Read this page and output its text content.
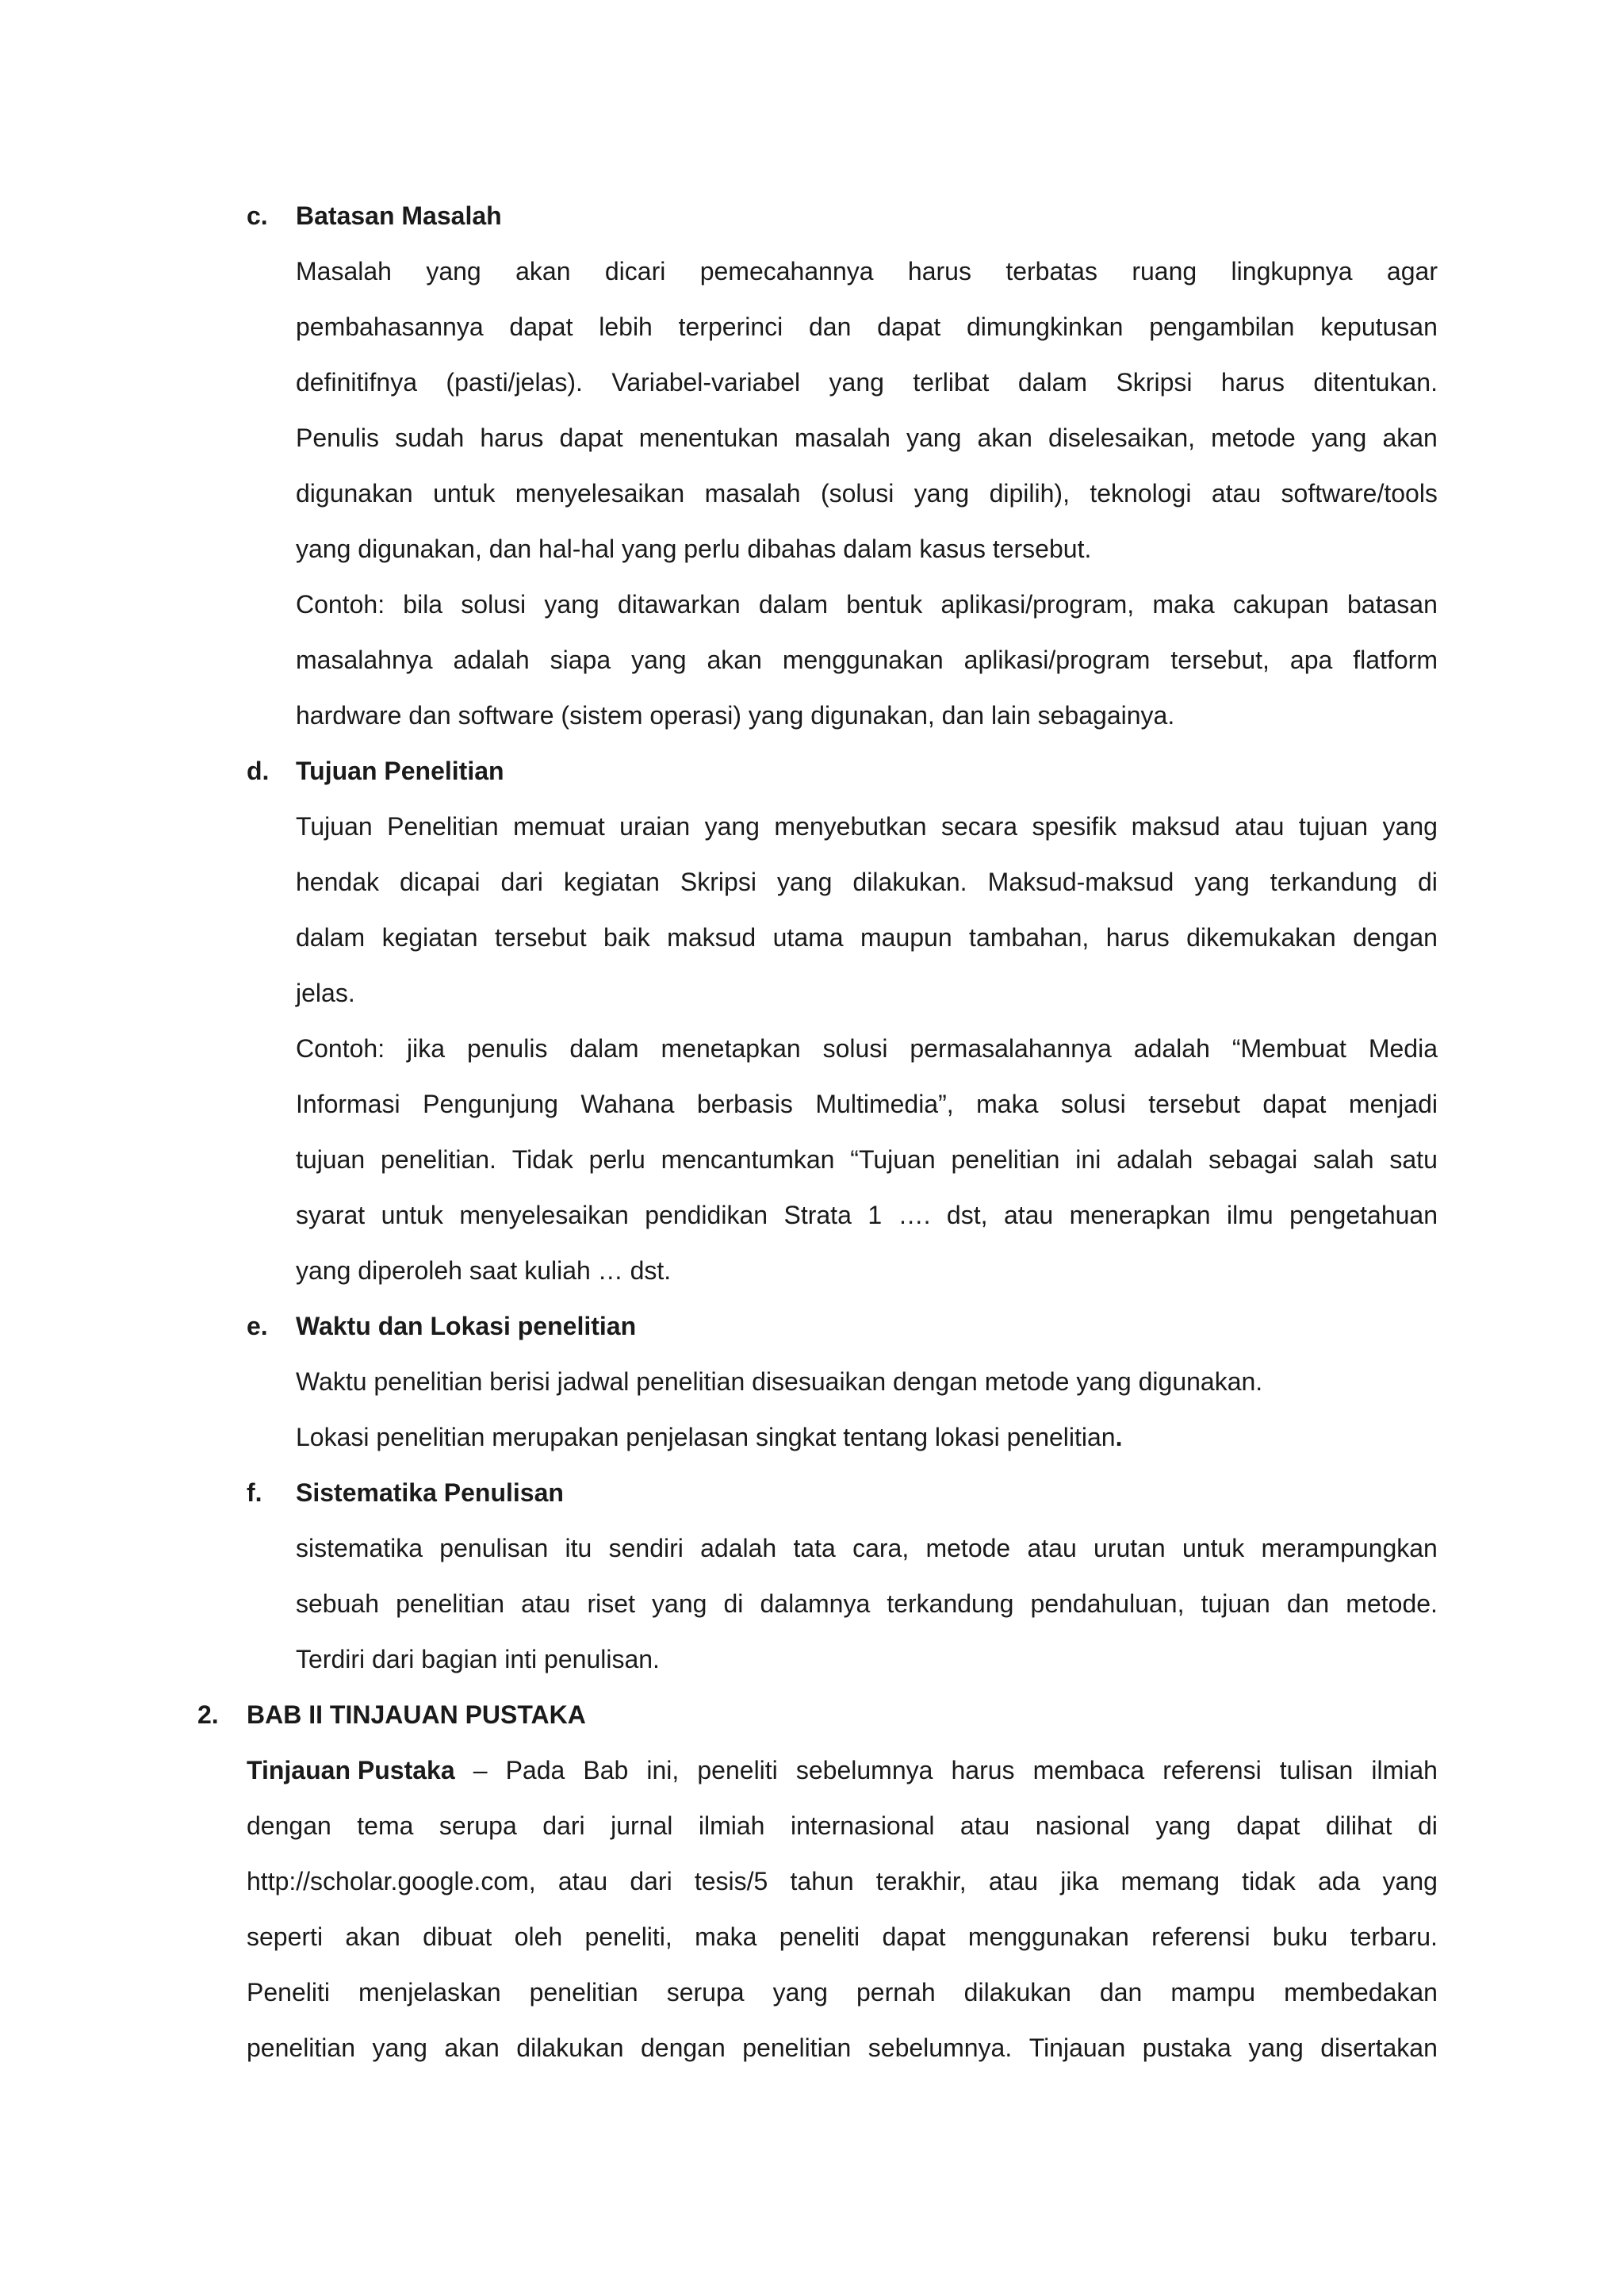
c. Batasan Masalah
Masalah yang akan dicari pemecahannya harus terbatas ruang lingkupnya agar
pembahasannya dapat lebih terperinci dan dapat dimungkinkan pengambilan keputusan
definitifnya (pasti/jelas). Variabel-variabel yang terlibat dalam Skripsi harus ditentukan.
Penulis sudah harus dapat menentukan masalah yang akan diselesaikan, metode yang akan
digunakan untuk menyelesaikan masalah (solusi yang dipilih), teknologi atau software/tools
yang digunakan, dan hal-hal yang perlu dibahas dalam kasus tersebut.
Contoh: bila solusi yang ditawarkan dalam bentuk aplikasi/program, maka cakupan batasan
masalahnya adalah siapa yang akan menggunakan aplikasi/program tersebut, apa flatform
hardware dan software (sistem operasi) yang digunakan, dan lain sebagainya.
d. Tujuan Penelitian
Tujuan Penelitian memuat uraian yang menyebutkan secara spesifik maksud atau tujuan yang
hendak dicapai dari kegiatan Skripsi yang dilakukan. Maksud-maksud yang terkandung di
dalam kegiatan tersebut baik maksud utama maupun tambahan, harus dikemukakan dengan
jelas.
Contoh: jika penulis dalam menetapkan solusi permasalahannya adalah “Membuat Media
Informasi Pengunjung Wahana berbasis Multimedia”, maka solusi tersebut dapat menjadi
tujuan penelitian. Tidak perlu mencantumkan “Tujuan penelitian ini adalah sebagai salah satu
syarat untuk menyelesaikan pendidikan Strata 1 …. dst, atau menerapkan ilmu pengetahuan
yang diperoleh saat kuliah … dst.
e. Waktu dan Lokasi penelitian
Waktu penelitian berisi jadwal penelitian disesuaikan dengan metode yang digunakan.
Lokasi penelitian merupakan penjelasan singkat tentang lokasi penelitian.
f. Sistematika Penulisan
sistematika penulisan itu sendiri adalah tata cara, metode atau urutan untuk merampungkan
sebuah penelitian atau riset yang di dalamnya terkandung pendahuluan, tujuan dan metode.
Terdiri dari bagian inti penulisan.
2. BAB II TINJAUAN PUSTAKA
Tinjauan Pustaka – Pada Bab ini, peneliti sebelumnya harus membaca referensi tulisan ilmiah
dengan tema serupa dari jurnal ilmiah internasional atau nasional yang dapat dilihat di
http://scholar.google.com, atau dari tesis/5 tahun terakhir, atau jika memang tidak ada yang
seperti akan dibuat oleh peneliti, maka peneliti dapat menggunakan referensi buku terbaru.
Peneliti menjelaskan penelitian serupa yang pernah dilakukan dan mampu membedakan
penelitian yang akan dilakukan dengan penelitian sebelumnya. Tinjauan pustaka yang disertakan
